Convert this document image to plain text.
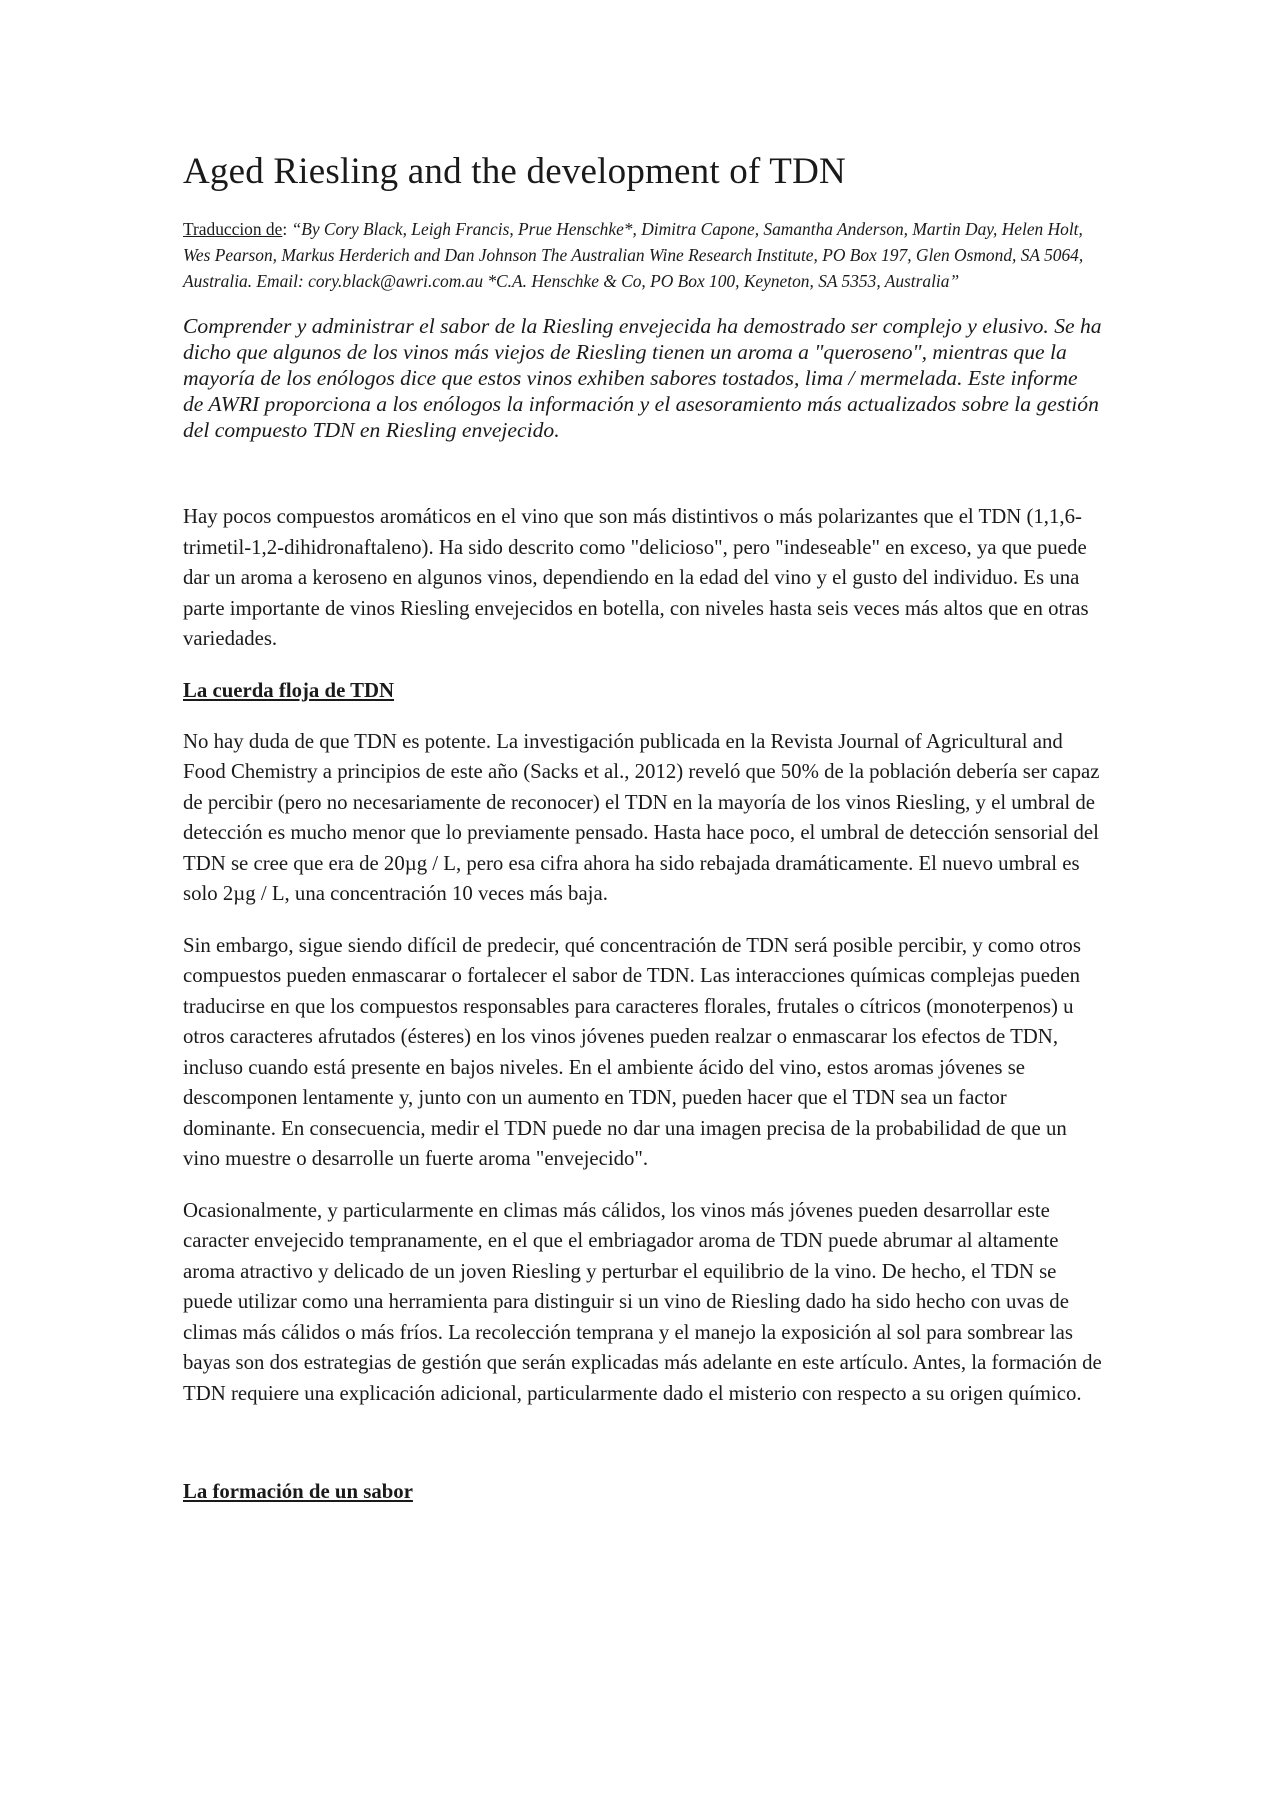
Aged Riesling and the development of TDN

Traduccion de: “By Cory Black, Leigh Francis, Prue Henschke*, Dimitra Capone, Samantha Anderson, Martin Day, Helen Holt, Wes Pearson, Markus Herderich and Dan Johnson The Australian Wine Research Institute, PO Box 197, Glen Osmond, SA 5064, Australia. Email: cory.black@awri.com.au *C.A. Henschke & Co, PO Box 100, Keyneton, SA 5353, Australia”

Comprender y administrar el sabor de la Riesling envejecida ha demostrado ser complejo y elusivo. Se ha dicho que algunos de los vinos más viejos de Riesling tienen un aroma a "queroseno", mientras que la mayoría de los enólogos dice que estos vinos exhiben sabores tostados, lima / mermelada. Este informe de AWRI proporciona a los enólogos la información y el asesoramiento más actualizados sobre la gestión del compuesto TDN en Riesling envejecido.

Hay pocos compuestos aromáticos en el vino que son más distintivos o más polarizantes que el TDN (1,1,6-trimetil-1,2-dihidronaftaleno). Ha sido descrito como "delicioso", pero "indeseable" en exceso, ya que puede dar un aroma a keroseno en algunos vinos, dependiendo en la edad del vino y el gusto del individuo. Es una parte importante de vinos Riesling envejecidos en botella, con niveles hasta seis veces más altos que en otras variedades.

La cuerda floja de TDN

No hay duda de que TDN es potente. La investigación publicada en la Revista Journal of Agricultural and Food Chemistry a principios de este año (Sacks et al., 2012) reveló que 50% de la población debería ser capaz de percibir (pero no necesariamente de reconocer) el TDN en la mayoría de los vinos Riesling, y el umbral de detección es mucho menor que lo previamente pensado. Hasta hace poco, el umbral de detección sensorial del TDN se cree que era de 20µg / L, pero esa cifra ahora ha sido rebajada dramáticamente. El nuevo umbral es solo 2µg / L, una concentración 10 veces más baja.

Sin embargo, sigue siendo difícil de predecir, qué concentración de TDN será posible percibir, y como otros compuestos pueden enmascarar o fortalecer el sabor de TDN. Las interacciones químicas complejas pueden traducirse en que los compuestos responsables para caracteres florales, frutales o cítricos (monoterpenos) u otros caracteres afrutados (ésteres) en los vinos jóvenes pueden realzar o enmascarar los efectos de TDN, incluso cuando está presente en bajos niveles. En el ambiente ácido del vino, estos aromas jóvenes se descomponen lentamente y, junto con un aumento en TDN, pueden hacer que el TDN sea un factor dominante. En consecuencia, medir el TDN puede no dar una imagen precisa de la probabilidad de que un vino muestre o desarrolle un fuerte aroma "envejecido".

Ocasionalmente, y particularmente en climas más cálidos, los vinos más jóvenes pueden desarrollar este caracter envejecido tempranamente, en el que el embriagador aroma de TDN puede abrumar al altamente aroma atractivo y delicado de un joven Riesling y perturbar el equilibrio de la vino. De hecho, el TDN se puede utilizar como una herramienta para distinguir si un vino de Riesling dado ha sido hecho con uvas de climas más cálidos o más fríos. La recolección temprana y el manejo la exposición al sol para sombrear las bayas son dos estrategias de gestión que serán explicadas más adelante en este artículo. Antes, la formación de TDN requiere una explicación adicional, particularmente dado el misterio con respecto a su origen químico.

La formación de un sabor
